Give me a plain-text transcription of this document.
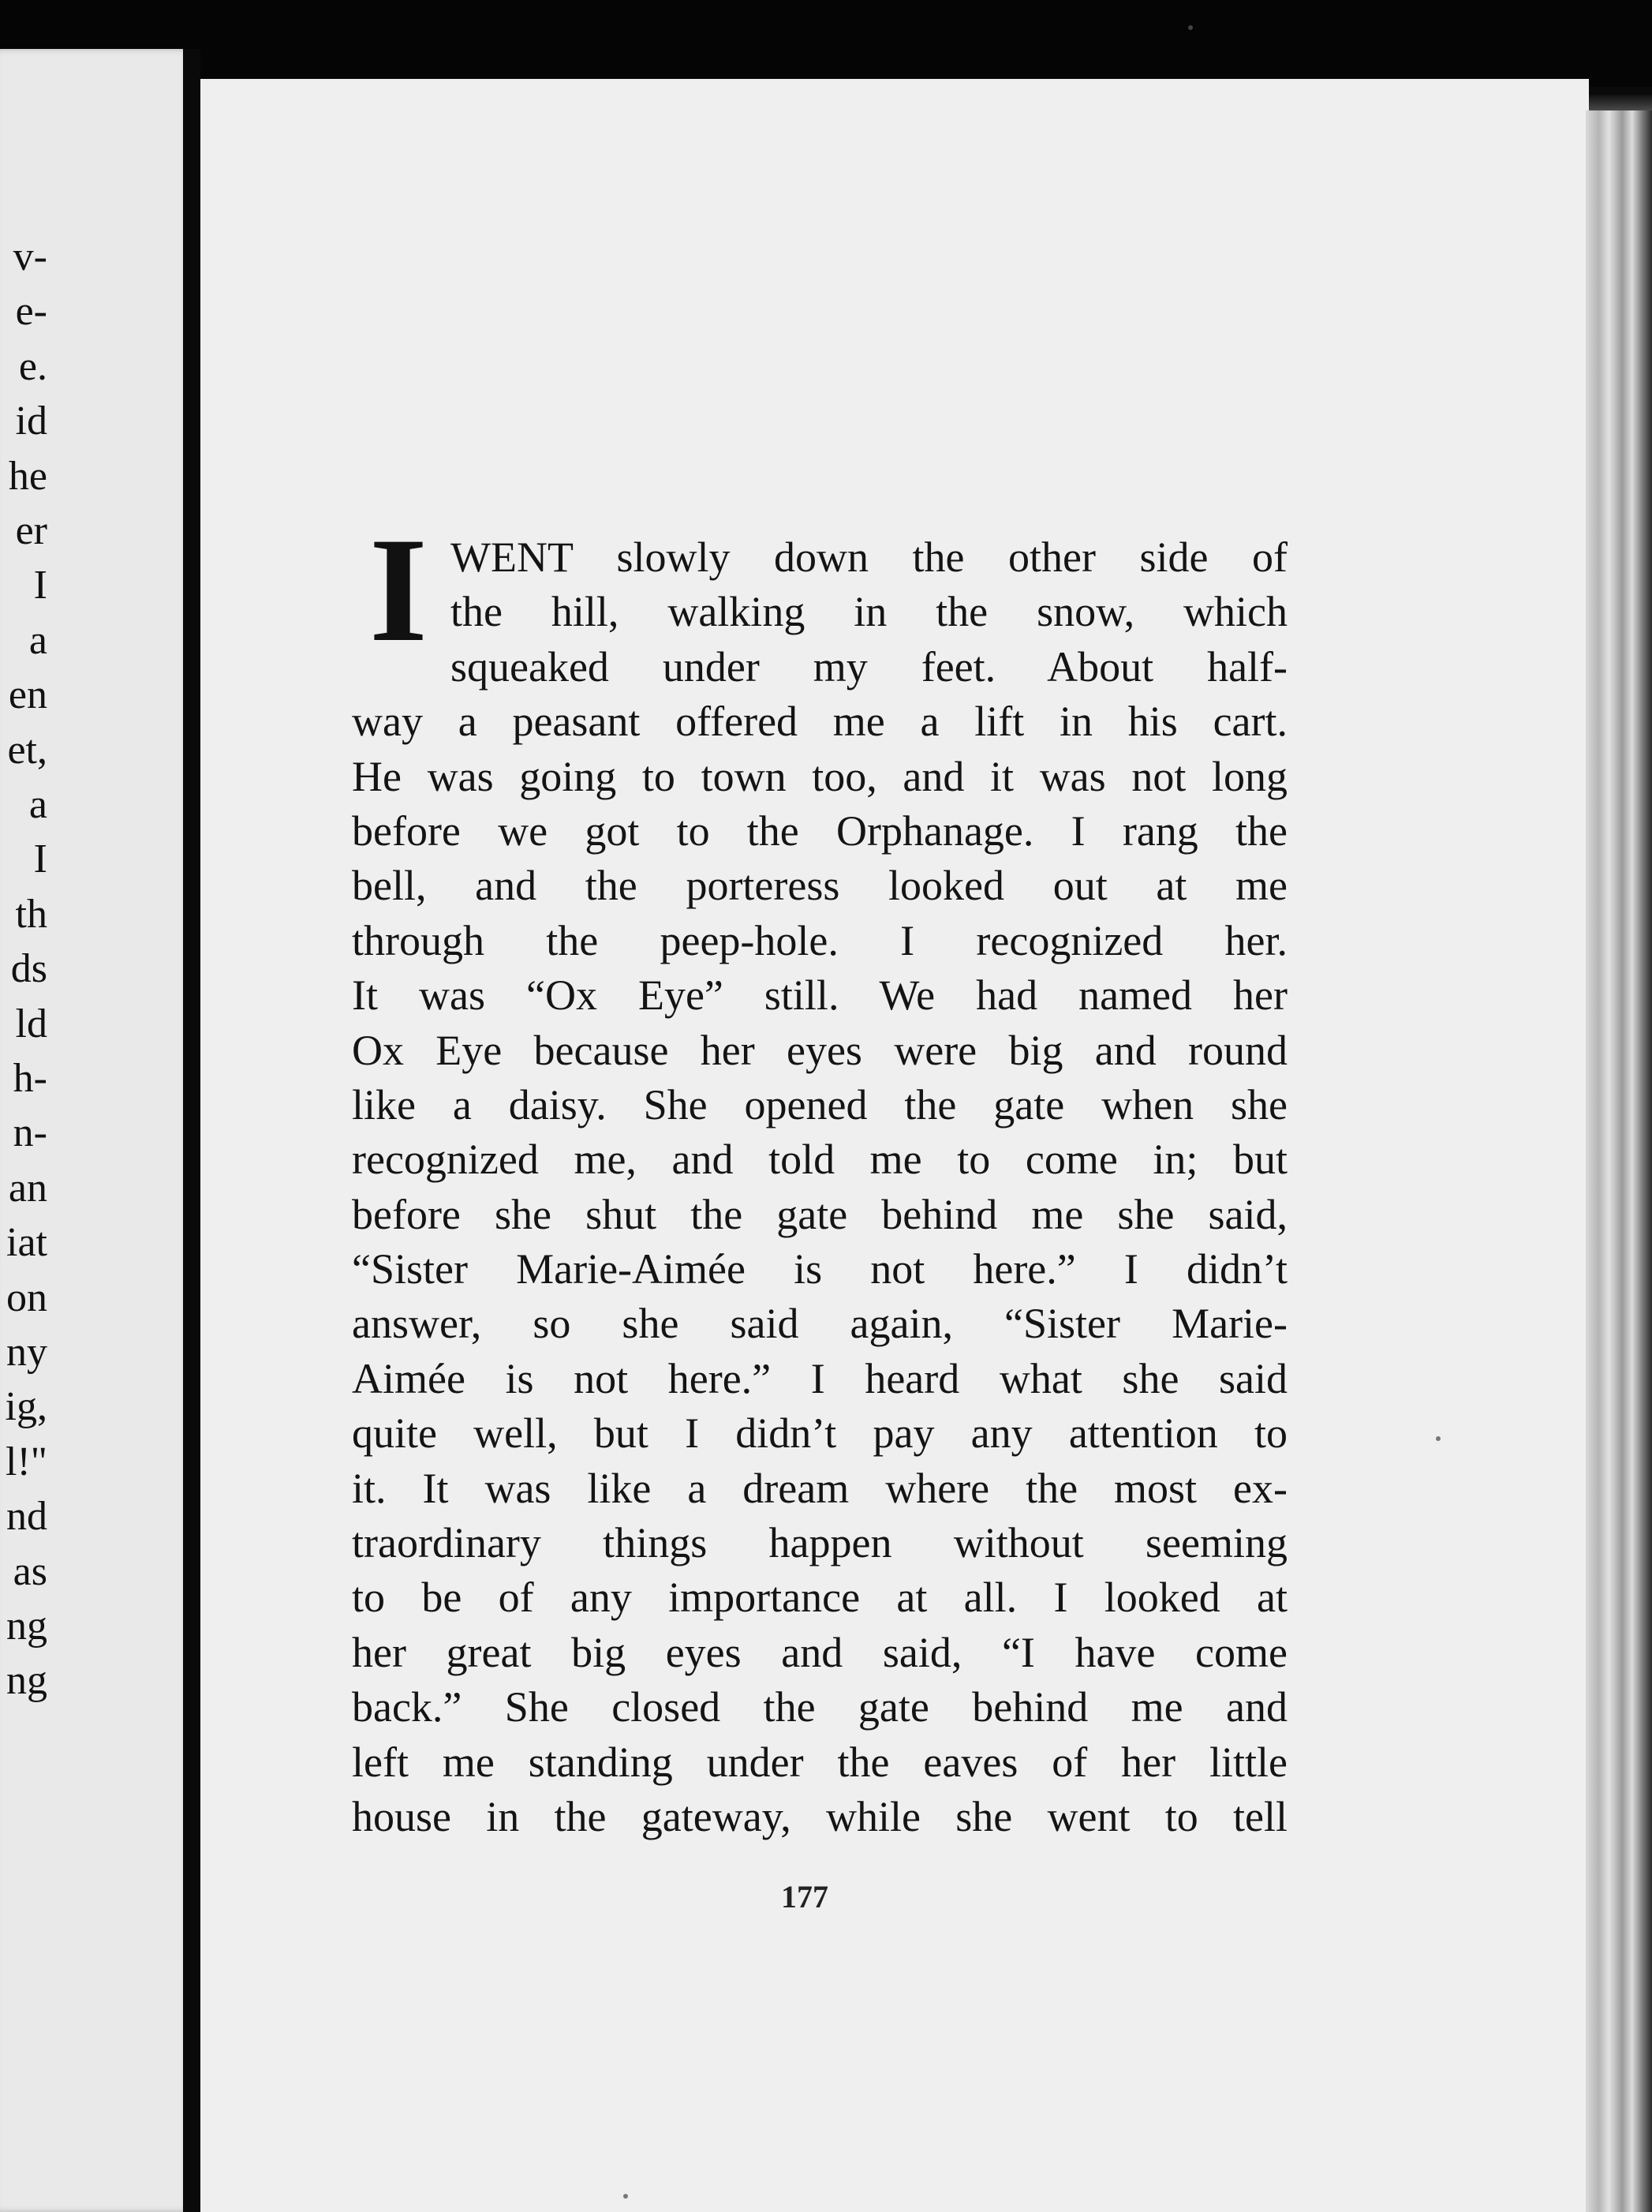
v-
e-
e.
id
he
er
I
a
en
et,
a
I
th
ds
ld
h-
n-
an
iat
on
ny
ig,
l!"
nd
as
ng
ng
I WENT slowly down the other side of
the hill, walking in the snow, which
squeaked under my feet. About half-
way a peasant offered me a lift in his cart.
He was going to town too, and it was not long
before we got to the Orphanage. I rang the
bell, and the porteress looked out at me
through the peep-hole. I recognized her.
It was “Ox Eye” still. We had named her
Ox Eye because her eyes were big and round
like a daisy. She opened the gate when she
recognized me, and told me to come in; but
before she shut the gate behind me she said,
“Sister Marie-Aimée is not here.” I didn’t
answer, so she said again, “Sister Marie-
Aimée is not here.” I heard what she said
quite well, but I didn’t pay any attention to
it. It was like a dream where the most ex-
traordinary things happen without seeming
to be of any importance at all. I looked at
her great big eyes and said, “I have come
back.” She closed the gate behind me and
left me standing under the eaves of her little
house in the gateway, while she went to tell
177
